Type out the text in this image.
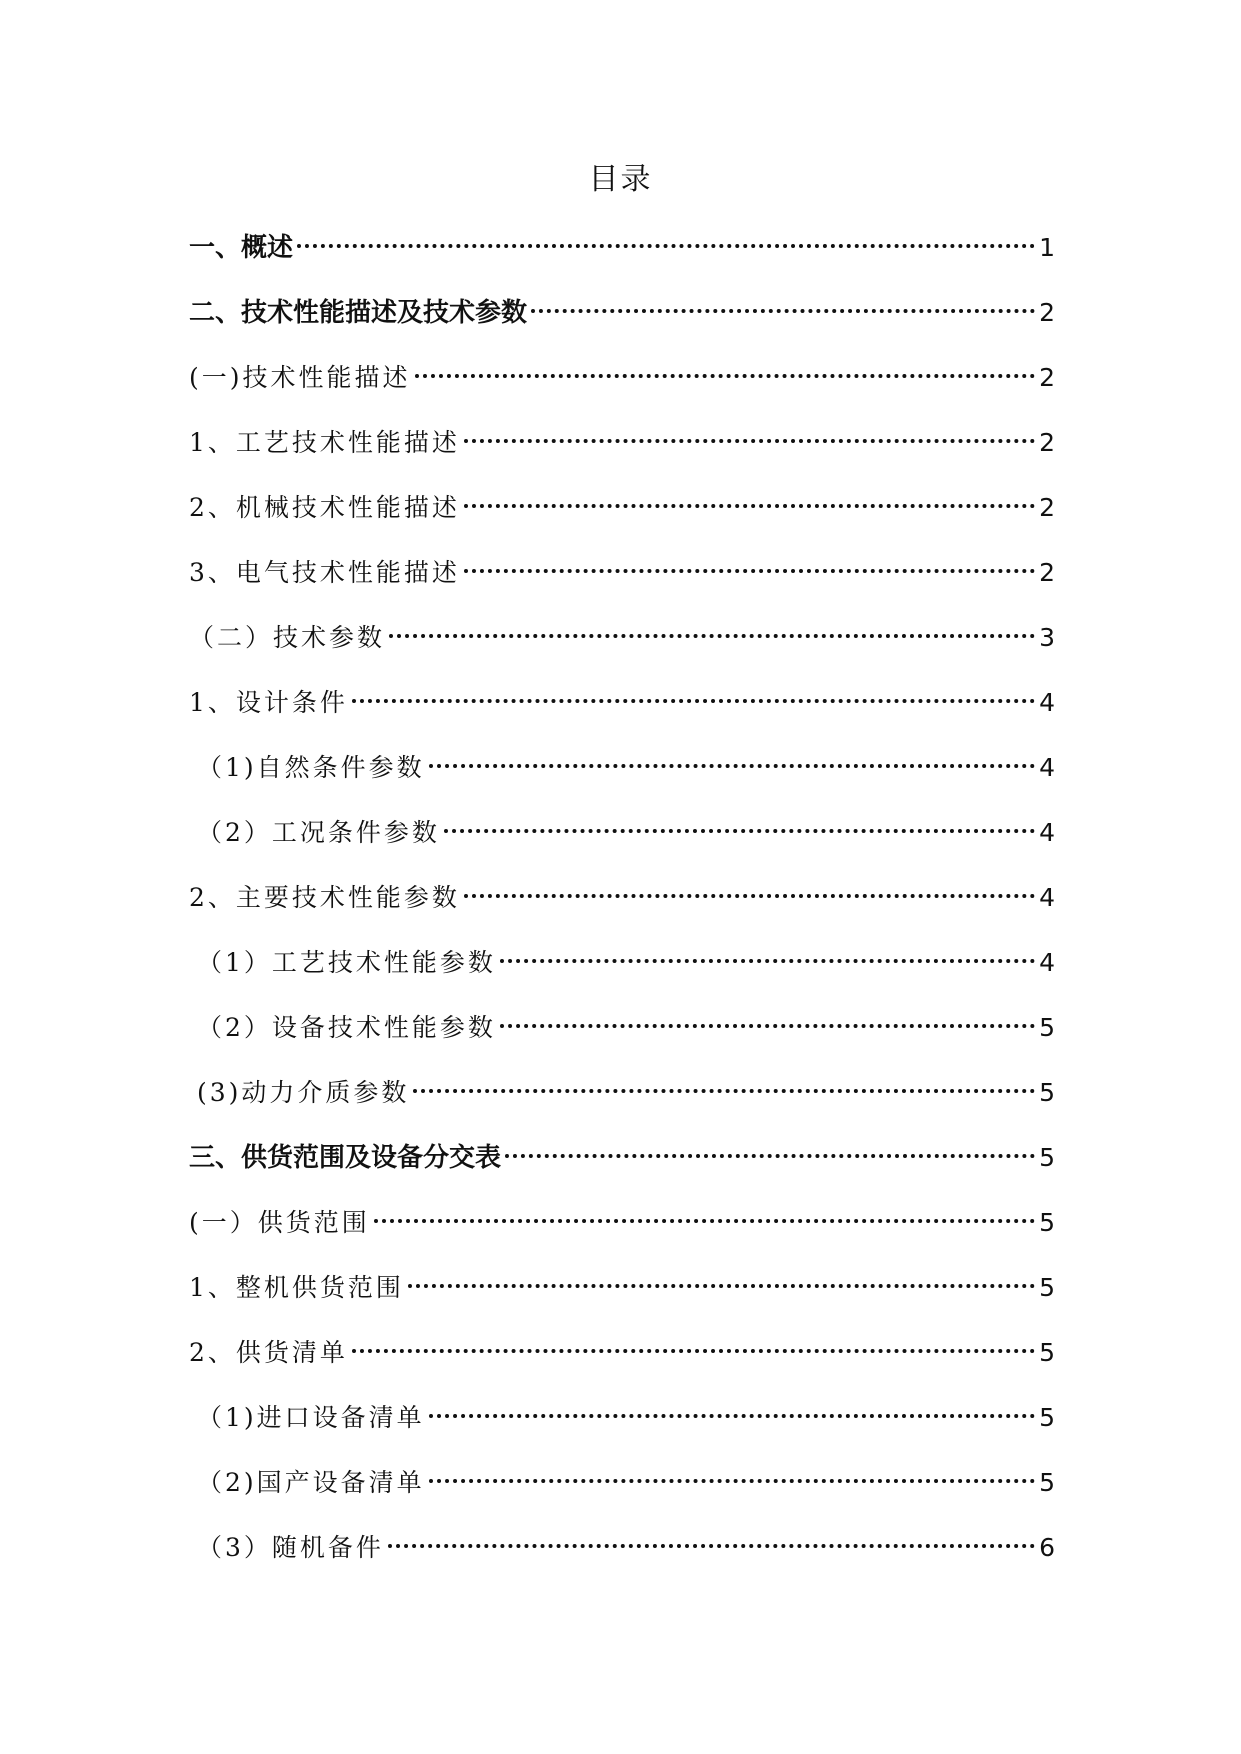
目录
一、概述	1
二、技术性能描述及技术参数	2
(一)技术性能描述	2
1、工艺技术性能描述	2
2、机械技术性能描述	2
3、电气技术性能描述	2
（二）技术参数	3
1、设计条件	4
（1)自然条件参数	4
（2）工况条件参数	4
2、主要技术性能参数	4
（1）工艺技术性能参数	4
（2）设备技术性能参数	5
(3)动力介质参数	5
三、供货范围及设备分交表	5
(一）供货范围	5
1、整机供货范围	5
2、供货清单	5
（1)进口设备清单	5
（2)国产设备清单	5
（3）随机备件	6
